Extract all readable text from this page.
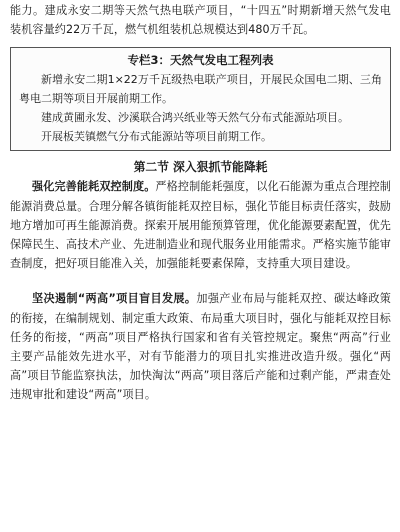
能力。建成永安二期等天然气热电联产项目，“十四五”时期新增天然气发电装机容量约22万千瓦，燃气机组装机总规模达到480万千瓦。

专栏3：天然气发电工程列表

新增永安二期1×22万千瓦级热电联产项目，开展民众国电二期、三角粤电二期等项目开展前期工作。

建成黄圃永发、沙溪联合鸿兴纸业等天然气分布式能源站项目。

开展板芙镇燃气分布式能源站等项目前期工作。

第二节 深入狠抓节能降耗

强化完善能耗双控制度。严格控制能耗强度，以化石能源为重点合理控制能源消费总量。合理分解各镇街能耗双控目标，强化节能目标责任落实，鼓励地方增加可再生能源消费。探索开展用能预算管理，优化能源要素配置，优先保障民生、高技术产业、先进制造业和现代服务业用能需求。严格实施节能审查制度，把好项目能准入关，加强能耗要素保障，支持重大项目建设。

坚决遏制“两高”项目盲目发展。加强产业布局与能耗双控、碳达峰政策的衔接，在编制规划、制定重大政策、布局重大项目时，强化与能耗双控目标任务的衔接，“两高”项目严格执行国家和省有关管控规定。聚焦“两高”行业主要产品能效先进水平，对有节能潜力的项目扎实推进改造升级。强化“两高”项目节能监察执法，加快淘汰“两高”项目落后产能和过剩产能，严肃查处违规审批和建设“两高”项目。
